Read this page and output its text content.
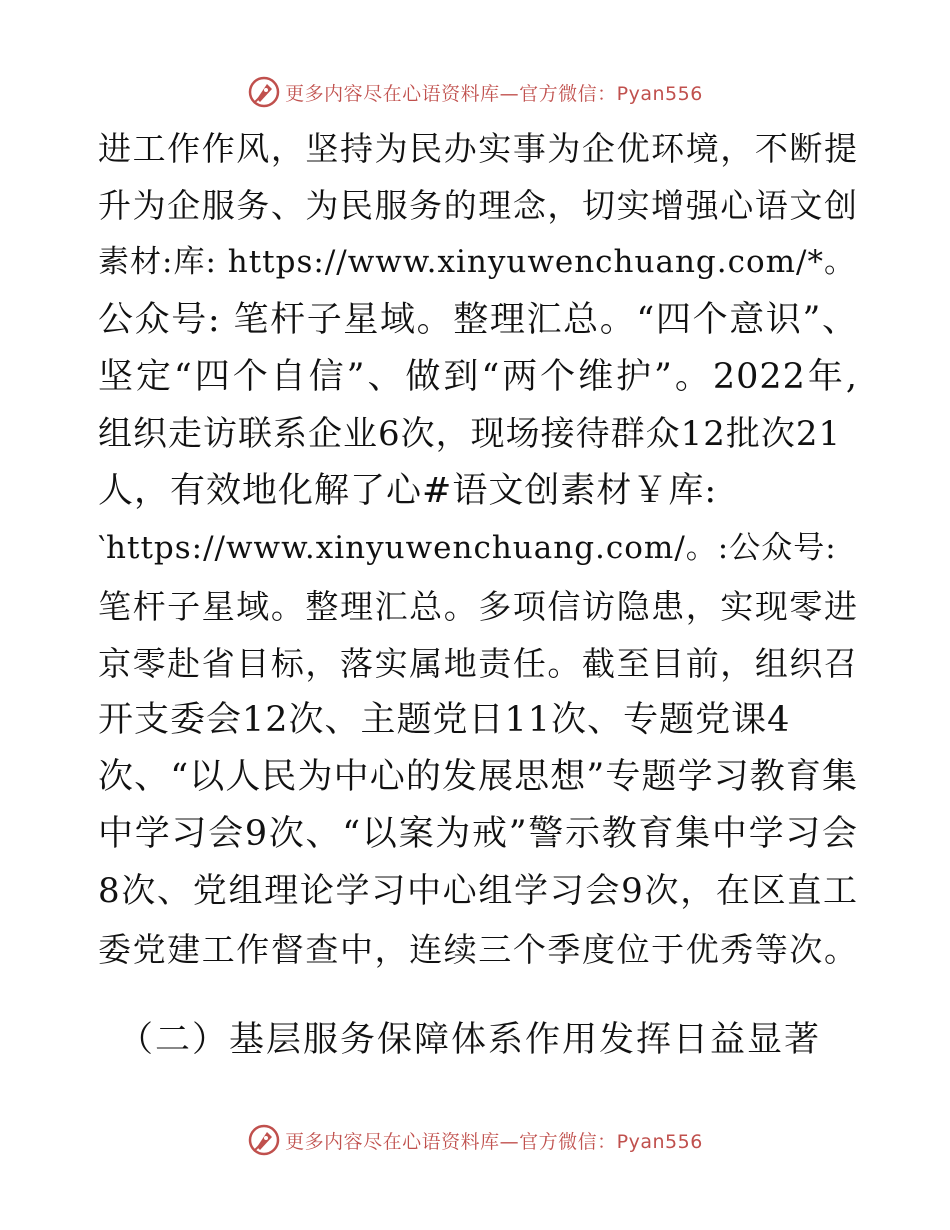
更多内容尽在心语资料库—官方微信：Pyan556
进工作作风，坚持为民办实事为企优环境，不断提
升为企服务、为民服务的理念，切实增强心语文创
素材:库: https://www.xinyuwenchuang.com/*。
公众号: 笔杆子星域。整理汇总。“四个意识”、
坚定“四个自信”、做到“两个维护”。2022年,
组织走访联系企业6次，现场接待群众12批次21
人，有效地化解了心#语文创素材￥库:
‵https://www.xinyuwenchuang.com/。:公众号:
笔杆子星域。整理汇总。多项信访隐患，实现零进
京零赴省目标，落实属地责任。截至目前，组织召
开支委会12次、主题党日11次、专题党课4
次、“以人民为中心的发展思想”专题学习教育集
中学习会9次、“以案为戒”警示教育集中学习会
8次、党组理论学习中心组学习会9次，在区直工
委党建工作督查中，连续三个季度位于优秀等次。
（二）基层服务保障体系作用发挥日益显著
更多内容尽在心语资料库—官方微信：Pyan556
